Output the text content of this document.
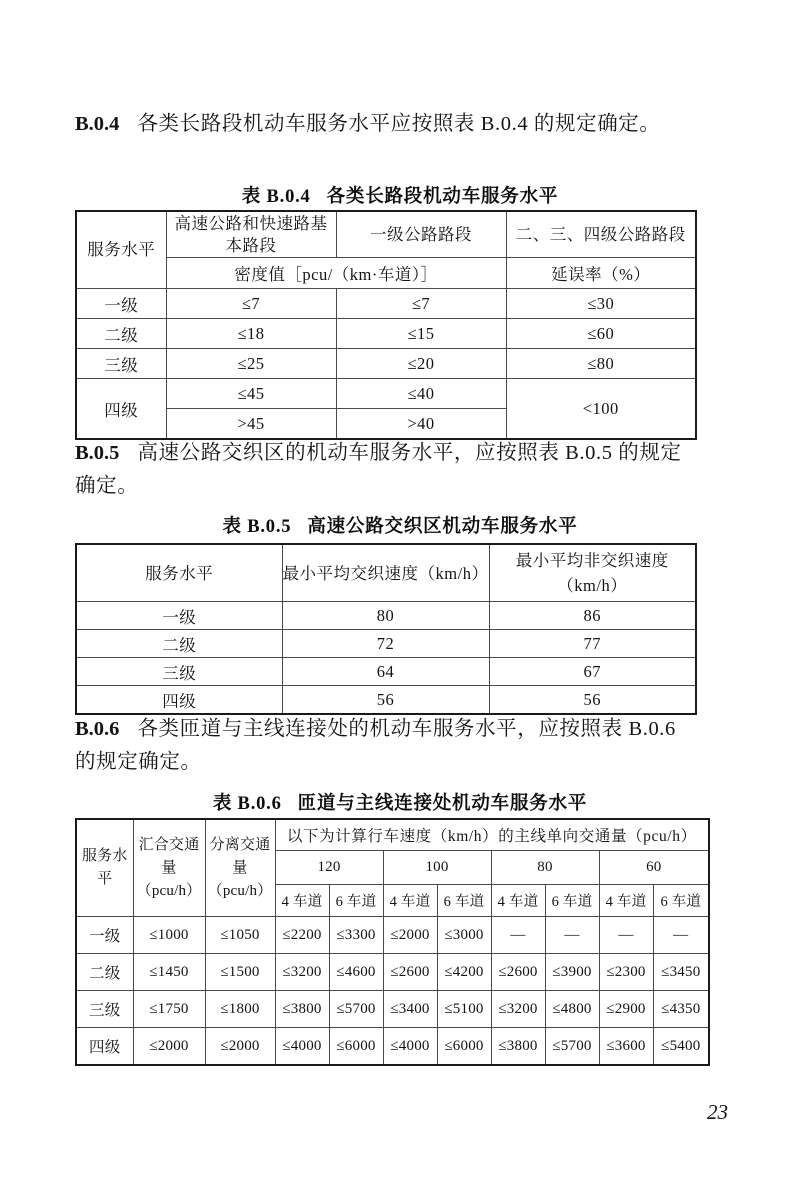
B.0.4 各类长路段机动车服务水平应按照表 B.0.4 的规定确定。
表 B.0.4 各类长路段机动车服务水平
服务水平	高速公路和快速路基本路段	一级公路路段	二、三、四级公路路段
	密度值［pcu/（km·车道）］		延误率（%）
一级	≤7	≤7	≤30
二级	≤18	≤15	≤60
三级	≤25	≤20	≤80
四级	≤45	≤40	<100
	>45	>40	
B.0.5 高速公路交织区的机动车服务水平，应按照表 B.0.5 的规定确定。
表 B.0.5 高速公路交织区机动车服务水平
服务水平	最小平均交织速度（km/h）	最小平均非交织速度（km/h）
一级	80	86
二级	72	77
三级	64	67
四级	56	56
B.0.6 各类匝道与主线连接处的机动车服务水平，应按照表 B.0.6 的规定确定。
表 B.0.6 匝道与主线连接处机动车服务水平
服务水平	汇合交通量（pcu/h）	分离交通量（pcu/h）	以下为计算行车速度（km/h）的主线单向交通量（pcu/h）							
			120		100		80		60	
			4 车道	6 车道	4 车道	6 车道	4 车道	6 车道	4 车道	6 车道
一级	≤1000	≤1050	≤2200	≤3300	≤2000	≤3000	—	—	—	—
二级	≤1450	≤1500	≤3200	≤4600	≤2600	≤4200	≤2600	≤3900	≤2300	≤3450
三级	≤1750	≤1800	≤3800	≤5700	≤3400	≤5100	≤3200	≤4800	≤2900	≤4350
四级	≤2000	≤2000	≤4000	≤6000	≤4000	≤6000	≤3800	≤5700	≤3600	≤5400
23
